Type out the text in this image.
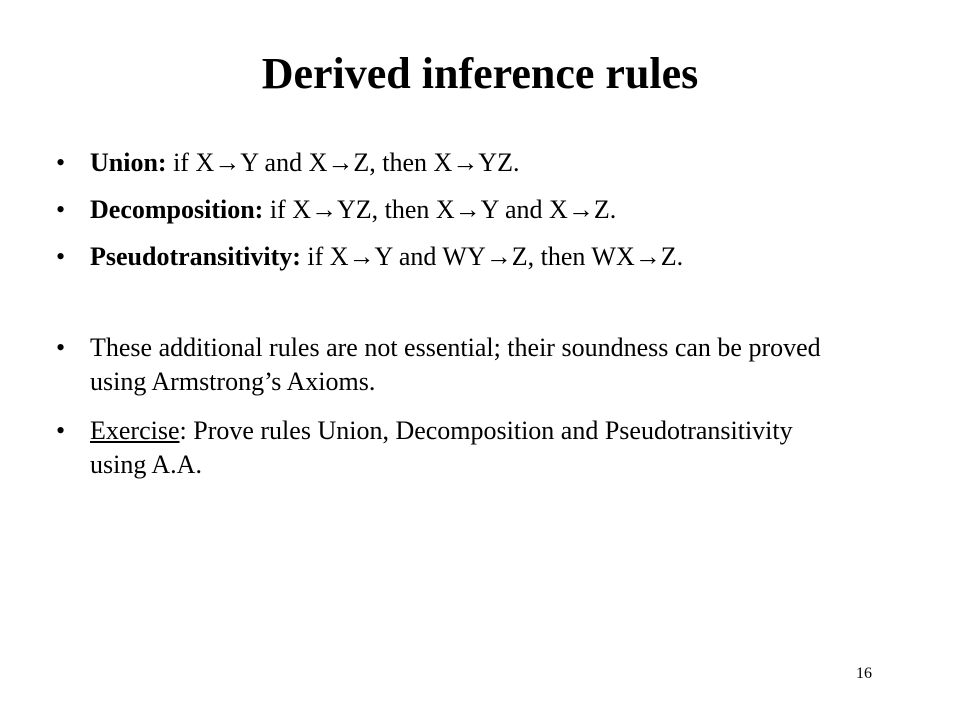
Derived inference rules
• Union: if X→Y and X→Z, then X→YZ.
• Decomposition: if X→YZ, then X→Y and X→Z.
• Pseudotransitivity: if X→Y and WY→Z, then WX→Z.
• These additional rules are not essential; their soundness can be proved using Armstrong’s Axioms.
• Exercise: Prove rules Union, Decomposition and Pseudotransitivity using A.A.
16
